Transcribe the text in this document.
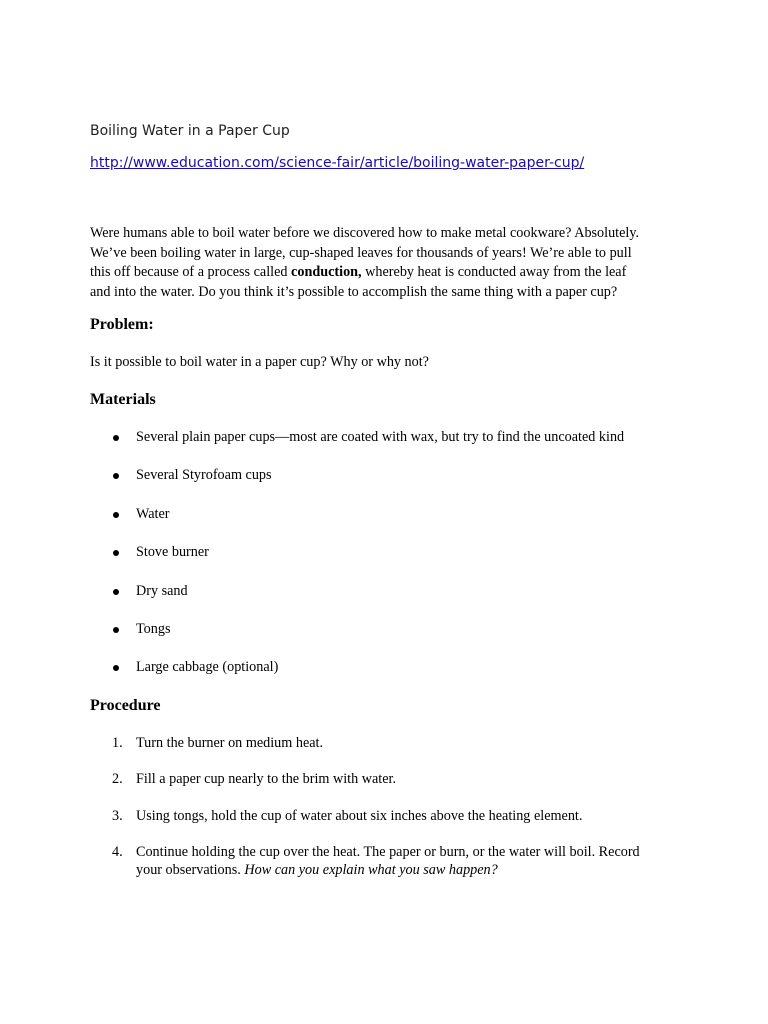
Boiling Water in a Paper Cup
http://www.education.com/science-fair/article/boiling-water-paper-cup/

Were humans able to boil water before we discovered how to make metal cookware? Absolutely.
We’ve been boiling water in large, cup-shaped leaves for thousands of years! We’re able to pull
this off because of a process called conduction, whereby heat is conducted away from the leaf
and into the water. Do you think it’s possible to accomplish the same thing with a paper cup?

Problem:

Is it possible to boil water in a paper cup? Why or why not?

Materials
Several plain paper cups—most are coated with wax, but try to find the uncoated kind
Several Styrofoam cups
Water
Stove burner
Dry sand
Tongs
Large cabbage (optional)
Procedure
1. Turn the burner on medium heat.
2. Fill a paper cup nearly to the brim with water.
3. Using tongs, hold the cup of water about six inches above the heating element.
4. Continue holding the cup over the heat. The paper or burn, or the water will boil. Record
your observations. How can you explain what you saw happen?
